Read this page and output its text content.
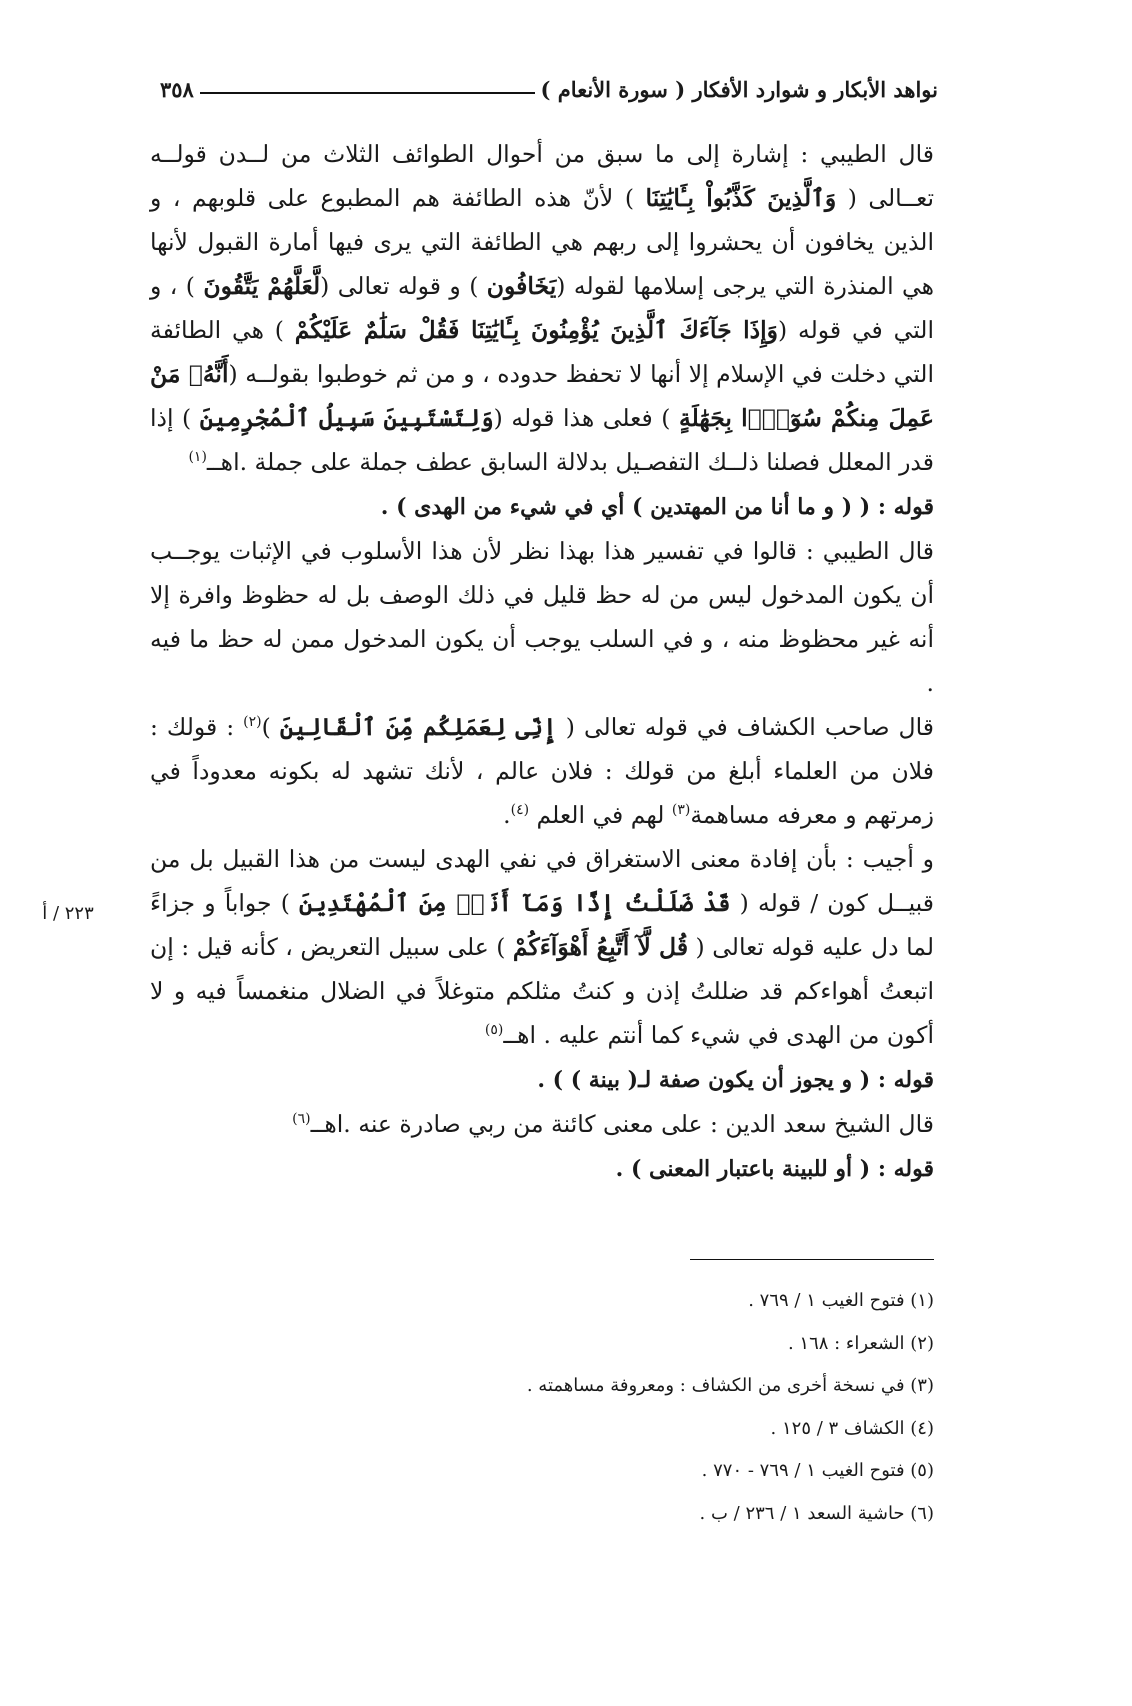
نواهد الأبكار و شوارد الأفكار ( سورة الأنعام )
٣٥٨

قال الطيبي : إشارة إلى ما سبق من أحوال الطوائف الثلاث من لــدن قولــه تعــالى ( وَٱلَّذِينَ كَذَّبُواْ بِـَٔايَٰتِنَا ) لأنّ هذه الطائفة هم المطبوع على قلوبهم ، و الذين يخافون أن يحشروا إلى ربهم هي الطائفة التي يرى فيها أمارة القبول لأنها هي المنذرة التي يرجى إسلامها لقوله (يَخَافُون ) و قوله تعالى (لَّعَلَّهُمْ يَتَّقُونَ ) ، و التي في قوله (وَإِذَا جَآءَكَ ٱلَّذِينَ يُؤْمِنُونَ بِـَٔايَٰتِنَا فَقُلْ سَلَٰمٌ عَلَيْكُمْ ) هي الطائفة التي دخلت في الإسلام إلا أنها لا تحفظ حدوده ، و من ثم خوطبوا بقولــه (أَنَّهُۥ مَنْ عَمِلَ مِنكُمْ سُوٓءًۢا بِجَهَٰلَةٍ ) فعلى هذا قوله (وَلِتَسْتَبِينَ سَبِيلُ ٱلْمُجْرِمِينَ ) إذا قدر المعلل فصلنا ذلــك التفصـيل بدلالة السابق عطف جملة على جملة .اهــ$^{(١)}$

قوله : ( ( و ما أنا من المهتدين ) أي في شيء من الهدى ) .

قال الطيبي : قالوا في تفسير هذا بهذا نظر لأن هذا الأسلوب في الإثبات يوجــب أن يكون المدخول ليس من له حظ قليل في ذلك الوصف بل له حظوظ وافرة إلا أنه غير محظوظ منه ، و في السلب يوجب أن يكون المدخول ممن له حظ ما فيه .

قال صاحب الكشاف في قوله تعالى ( إِنِّى لِعَمَلِكُم مِّنَ ٱلْقَالِينَ )$^{(٢)}$ : قولك : فلان من العلماء أبلغ من قولك : فلان عالم ، لأنك تشهد له بكونه معدوداً في زمرتهم و معرفه مساهمة$^{(٣)}$ لهم في العلم $^{(٤)}$.

و أجيب : بأن إفادة معنى الاستغراق في نفي الهدى ليست من هذا القبيل بل من قبيــل كون / قوله ( قَدْ ضَلَلْتُ إِذًا وَمَآ أَنَا۠ مِنَ ٱلْمُهْتَدِينَ ) جواباً و جزاءً لما دل عليه قوله تعالى ( قُل لَّآ أَتَّبِعُ أَهْوَآءَكُمْ ) على سبيل التعريض ، كأنه قيل : إن اتبعتُ أهواءكم قد ضللتُ إذن و كنتُ مثلكم متوغلاً في الضلال منغمساً فيه و لا أكون من الهدى في شيء كما أنتم عليه . اهــ$^{(٥)}$

قوله : ( و يجوز أن يكون صفة لـ( بينة ) ) .

قال الشيخ سعد الدين : على معنى كائنة من ربي صادرة عنه .اهــ$^{(٦)}$

قوله : ( أو للبينة باعتبار المعنى ) .

٢٢٣ / أ
(١) فتوح الغيب ١ / ٧٦٩ .
(٢) الشعراء : ١٦٨ .
(٣) في نسخة أخرى من الكشاف : ومعروفة مساهمته .
(٤) الكشاف ٣ / ١٢٥ .
(٥) فتوح الغيب ١ / ٧٦٩ - ٧٧٠ .
(٦) حاشية السعد ١ / ٢٣٦ / ب .
